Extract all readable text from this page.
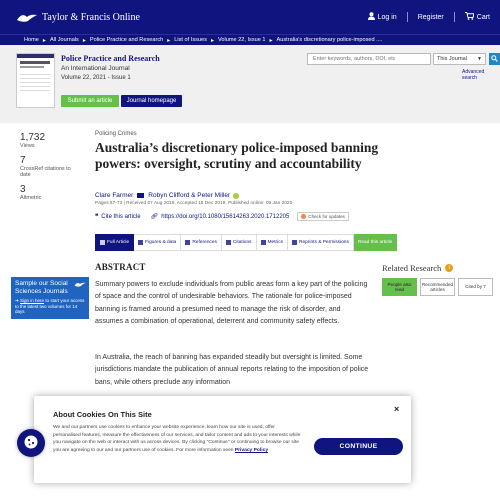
Taylor & Francis Online	Log in	Register	Cart
Home ▸ All Journals ▸ Police Practice and Research ▸ List of Issues ▸ Volume 22, Issue 1 ▸ Australia's discretionary police-imposed ....
Police Practice and Research
An International Journal
Volume 22, 2021 - Issue 1
Submit an article	Journal homepage
Enter keywords, authors, DOI, etc
This Journal ▼
Advanced search
1,732
Views
7
CrossRef citations to date
3
Altmetric
Policing Crimes
Australia’s discretionary police-imposed banning powers: oversight, scrutiny and accountability
Clare Farmer Robyn Clifford & Peter Miller
Pages 57-73 | Received 07 Aug 2019, Accepted 16 Dec 2019, Published online: 09 Jan 2020
❝ Cite this article 🔗︎ https://doi.org/10.1080/15614263.2020.1712205	Check for updates
Full Article	Figures & data	References	Citations	Metrics	Reprints & Permissions	Read this article
ABSTRACT

Summary powers to exclude individuals from public areas form a key part of the policing of space and the control of undesirable behaviors. The rationale for police-imposed banning is framed around a presumed need to manage the risk of disorder, and assumes a combination of operational, deterrent and community safety effects.

In Australia, the reach of banning has expanded steadily but oversight is limited. Some jurisdictions mandate the publication of annual reports relating to the imposition of police bans, while others preclude any information

Sample our Social Sciences Journals
➔ Sign in here to start your access to the latest two volumes for 14 days
Related Research	i
People also read
Recommended articles
Cited by 7
About Cookies On This Site
We and our partners use cookies to enhance your website experience, learn how our site is used, offer personalised features, measure the effectiveness of our services, and tailor content and ads to your interests while you navigate on the web or interact with us across devices. By clicking "Continue" or continuing to browse our site you are agreeing to our and our partners use of cookies. For more information seen Privacy Policy
×
CONTINUE
